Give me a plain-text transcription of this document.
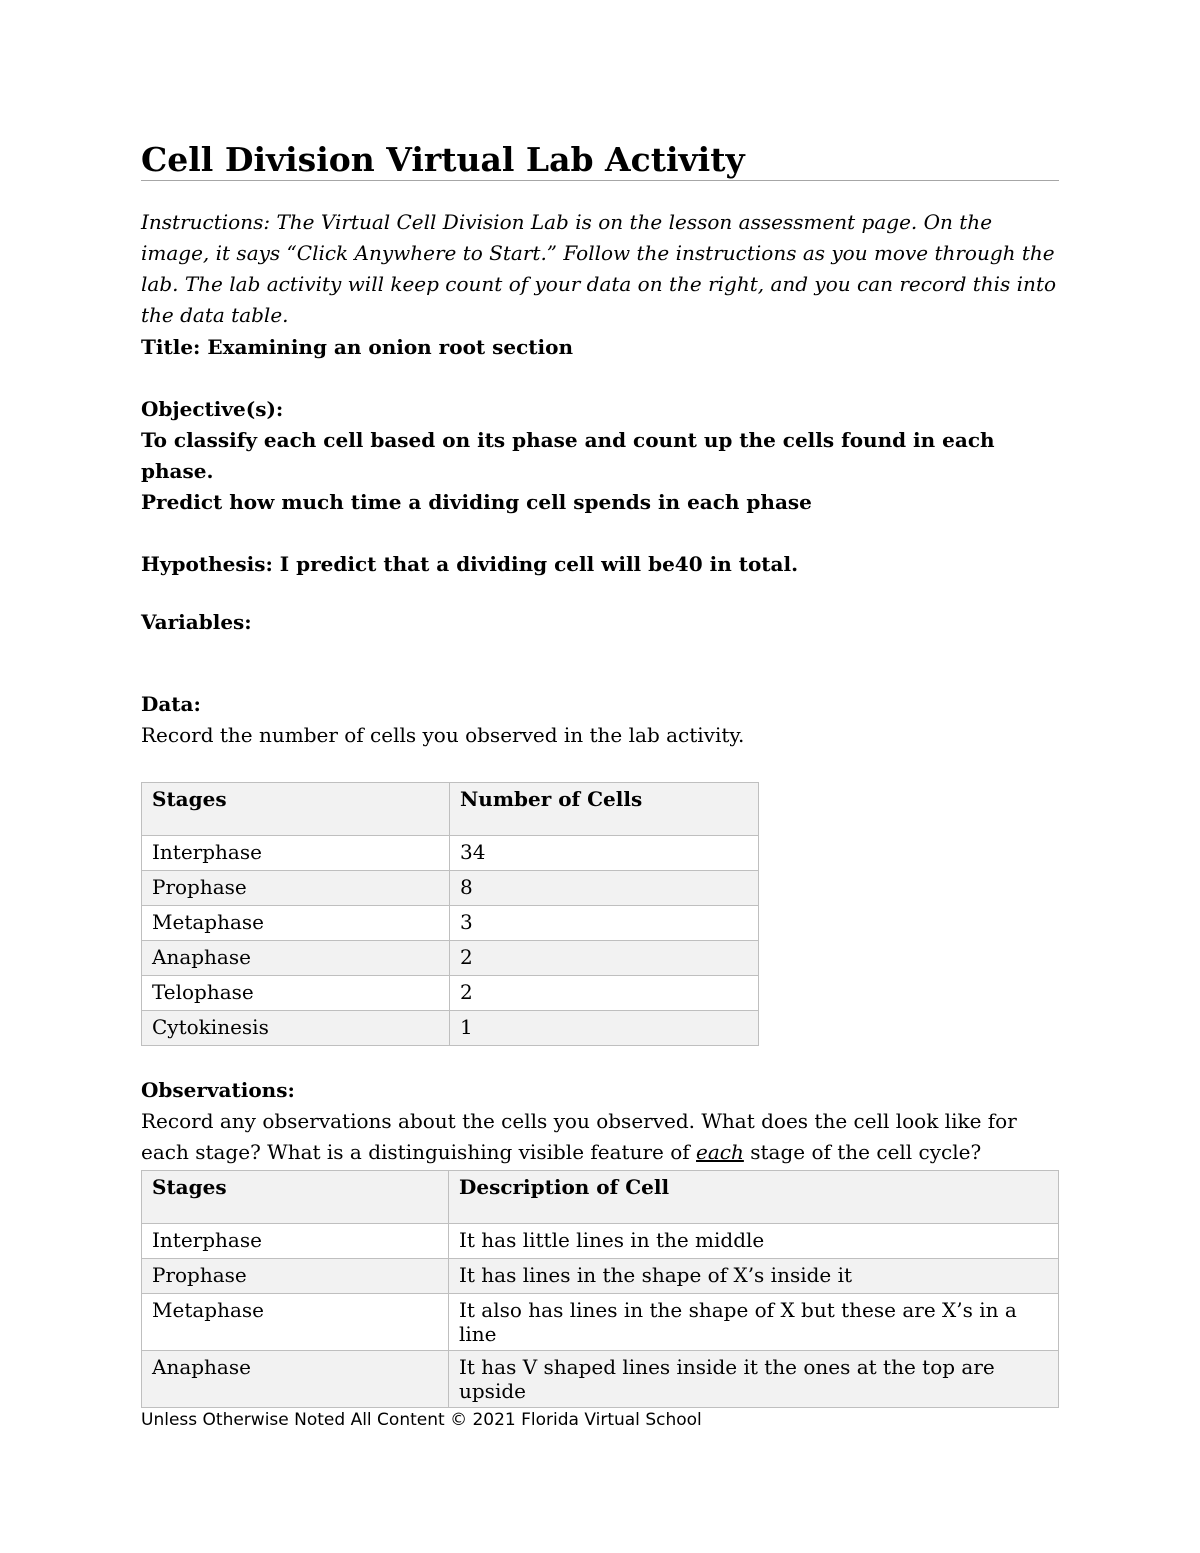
Cell Division Virtual Lab Activity
Instructions: The Virtual Cell Division Lab is on the lesson assessment page. On the image, it says “Click Anywhere to Start.” Follow the instructions as you move through the lab. The lab activity will keep count of your data on the right, and you can record this into the data table.
Title: Examining an onion root section
Objective(s):
To classify each cell based on its phase and count up the cells found in each phase.
Predict how much time a dividing cell spends in each phase
Hypothesis: I predict that a dividing cell will be40 in total.
Variables:
Data:
Record the number of cells you observed in the lab activity.
Stages	Number of Cells
Interphase	34
Prophase	8
Metaphase	3
Anaphase	2
Telophase	2
Cytokinesis	1
Observations:
Record any observations about the cells you observed. What does the cell look like for each stage? What is a distinguishing visible feature of each stage of the cell cycle?
Stages	Description of Cell
Interphase	It has little lines in the middle
Prophase	It has lines in the shape of X’s inside it
Metaphase	It also has lines in the shape of X but these are X’s in a line
Anaphase	It has V shaped lines inside it the ones at the top are upside
Unless Otherwise Noted All Content © 2021 Florida Virtual School
